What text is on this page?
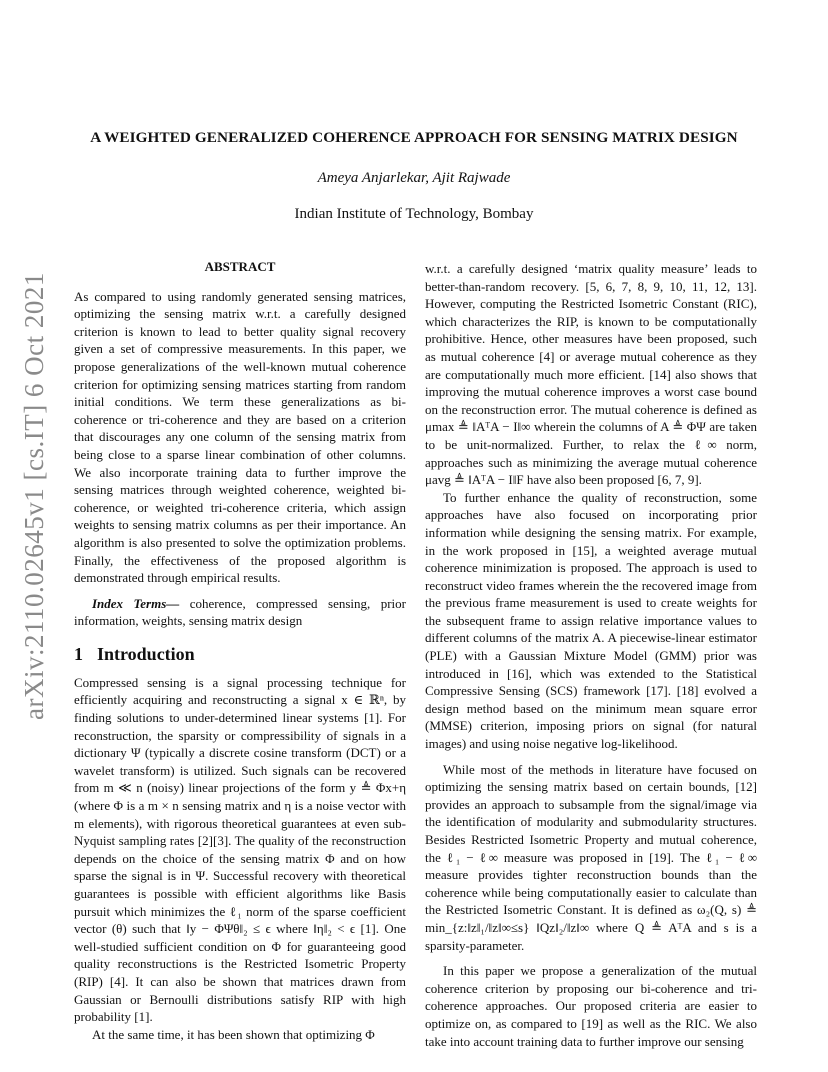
arXiv:2110.02645v1 [cs.IT] 6 Oct 2021
A WEIGHTED GENERALIZED COHERENCE APPROACH FOR SENSING MATRIX DESIGN
Ameya Anjarlekar, Ajit Rajwade
Indian Institute of Technology, Bombay

ABSTRACT

As compared to using randomly generated sensing matrices, optimizing the sensing matrix w.r.t. a carefully designed criterion is known to lead to better quality signal recovery given a set of compressive measurements. In this paper, we propose generalizations of the well-known mutual coherence criterion for optimizing sensing matrices starting from random initial conditions. We term these generalizations as bi-coherence or tri-coherence and they are based on a criterion that discourages any one column of the sensing matrix from being close to a sparse linear combination of other columns. We also incorporate training data to further improve the sensing matrices through weighted coherence, weighted bi-coherence, or weighted tri-coherence criteria, which assign weights to sensing matrix columns as per their importance. An algorithm is also presented to solve the optimization problems. Finally, the effectiveness of the proposed algorithm is demonstrated through empirical results.

Index Terms— coherence, compressed sensing, prior information, weights, sensing matrix design

1 Introduction

Compressed sensing is a signal processing technique for efficiently acquiring and reconstructing a signal x ∈ ℝⁿ, by finding solutions to under-determined linear systems [1]. For reconstruction, the sparsity or compressibility of signals in a dictionary Ψ (typically a discrete cosine transform (DCT) or a wavelet transform) is utilized. Such signals can be recovered from m ≪ n (noisy) linear projections of the form y ≜ Φx+η (where Φ is a m × n sensing matrix and η is a noise vector with m elements), with rigorous theoretical guarantees at even sub-Nyquist sampling rates [2][3]. The quality of the reconstruction depends on the choice of the sensing matrix Φ and on how sparse the signal is in Ψ. Successful recovery with theoretical guarantees is possible with efficient algorithms like Basis pursuit which minimizes the ℓ₁ norm of the sparse coefficient vector (θ) such that ‖y − ΦΨθ‖₂ ≤ ϵ where ‖η‖₂ < ϵ [1]. One well-studied sufficient condition on Φ for guaranteeing good quality reconstructions is the Restricted Isometric Property (RIP) [4]. It can also be shown that matrices drawn from Gaussian or Bernoulli distributions satisfy RIP with high probability [1].

At the same time, it has been shown that optimizing Φ

w.r.t. a carefully designed ‘matrix quality measure’ leads to better-than-random recovery. [5, 6, 7, 8, 9, 10, 11, 12, 13]. However, computing the Restricted Isometric Constant (RIC), which characterizes the RIP, is known to be computationally prohibitive. Hence, other measures have been proposed, such as mutual coherence [4] or average mutual coherence as they are computationally much more efficient. [14] also shows that improving the mutual coherence improves a worst case bound on the reconstruction error. The mutual coherence is defined as μmax ≜ ‖AᵀA − I‖∞ wherein the columns of A ≜ ΦΨ are taken to be unit-normalized. Further, to relax the ℓ∞ norm, approaches such as minimizing the average mutual coherence μavg ≜ ‖AᵀA − I‖F have also been proposed [6, 7, 9].

To further enhance the quality of reconstruction, some approaches have also focused on incorporating prior information while designing the sensing matrix. For example, in the work proposed in [15], a weighted average mutual coherence minimization is proposed. The approach is used to reconstruct video frames wherein the the recovered image from the previous frame measurement is used to create weights for the subsequent frame to assign relative importance values to different columns of the matrix A. A piecewise-linear estimator (PLE) with a Gaussian Mixture Model (GMM) prior was introduced in [16], which was extended to the Statistical Compressive Sensing (SCS) framework [17]. [18] evolved a design method based on the minimum mean square error (MMSE) criterion, imposing priors on signal (for natural images) and using noise negative log-likelihood.

While most of the methods in literature have focused on optimizing the sensing matrix based on certain bounds, [12] provides an approach to subsample from the signal/image via the identification of modularity and submodularity structures. Besides Restricted Isometric Property and mutual coherence, the ℓ₁ − ℓ∞ measure was proposed in [19]. The ℓ₁ − ℓ∞ measure provides tighter reconstruction bounds than the coherence while being computationally easier to calculate than the Restricted Isometric Constant. It is defined as ω₂(Q, s) ≜ min_{z:‖z‖₁/‖z‖∞≤s} ‖Qz‖₂/‖z‖∞ where Q ≜ AᵀA and s is a sparsity-parameter.

In this paper we propose a generalization of the mutual coherence criterion by proposing our bi-coherence and tri-coherence approaches. Our proposed criteria are easier to optimize on, as compared to [19] as well as the RIC. We also take into account training data to further improve our sensing
